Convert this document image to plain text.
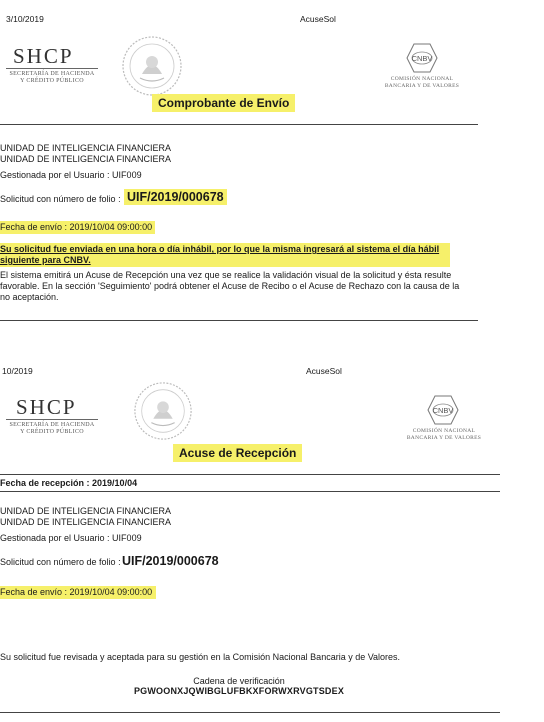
3/10/2019	AcuseSol
SHCP
SECRETARÍA DE HACIENDA
Y CRÉDITO PÚBLICO
CNBV
COMISIÓN NACIONAL
BANCARIA Y DE VALORES
Comprobante de Envío
UNIDAD DE INTELIGENCIA FINANCIERA
UNIDAD DE INTELIGENCIA FINANCIERA
Gestionada por el Usuario : UIF009
Solicitud con número de folio : UIF/2019/000678
Fecha de envío : 2019/10/04 09:00:00
Su solicitud fue enviada en una hora o día inhábil, por lo que la misma ingresará al sistema el día hábil siguiente para CNBV.
El sistema emitirá un Acuse de Recepción una vez que se realice la validación visual de la solicitud y ésta resulte favorable. En la sección 'Seguimiento' podrá obtener el Acuse de Recibo o el Acuse de Rechazo con la causa de la no aceptación.
10/2019	AcuseSol
SHCP
SECRETARÍA DE HACIENDA
Y CRÉDITO PÚBLICO
CNBV
COMISIÓN NACIONAL
BANCARIA Y DE VALORES
Acuse de Recepción
Fecha de recepción : 2019/10/04
UNIDAD DE INTELIGENCIA FINANCIERA
UNIDAD DE INTELIGENCIA FINANCIERA
Gestionada por el Usuario : UIF009
Solicitud con número de folio : UIF/2019/000678
Fecha de envío : 2019/10/04 09:00:00
Su solicitud fue revisada y aceptada para su gestión en la Comisión Nacional Bancaria y de Valores.
Cadena de verificación
PGWOONXJQWIBGLUFBKXFORWXRVGTSDEX
